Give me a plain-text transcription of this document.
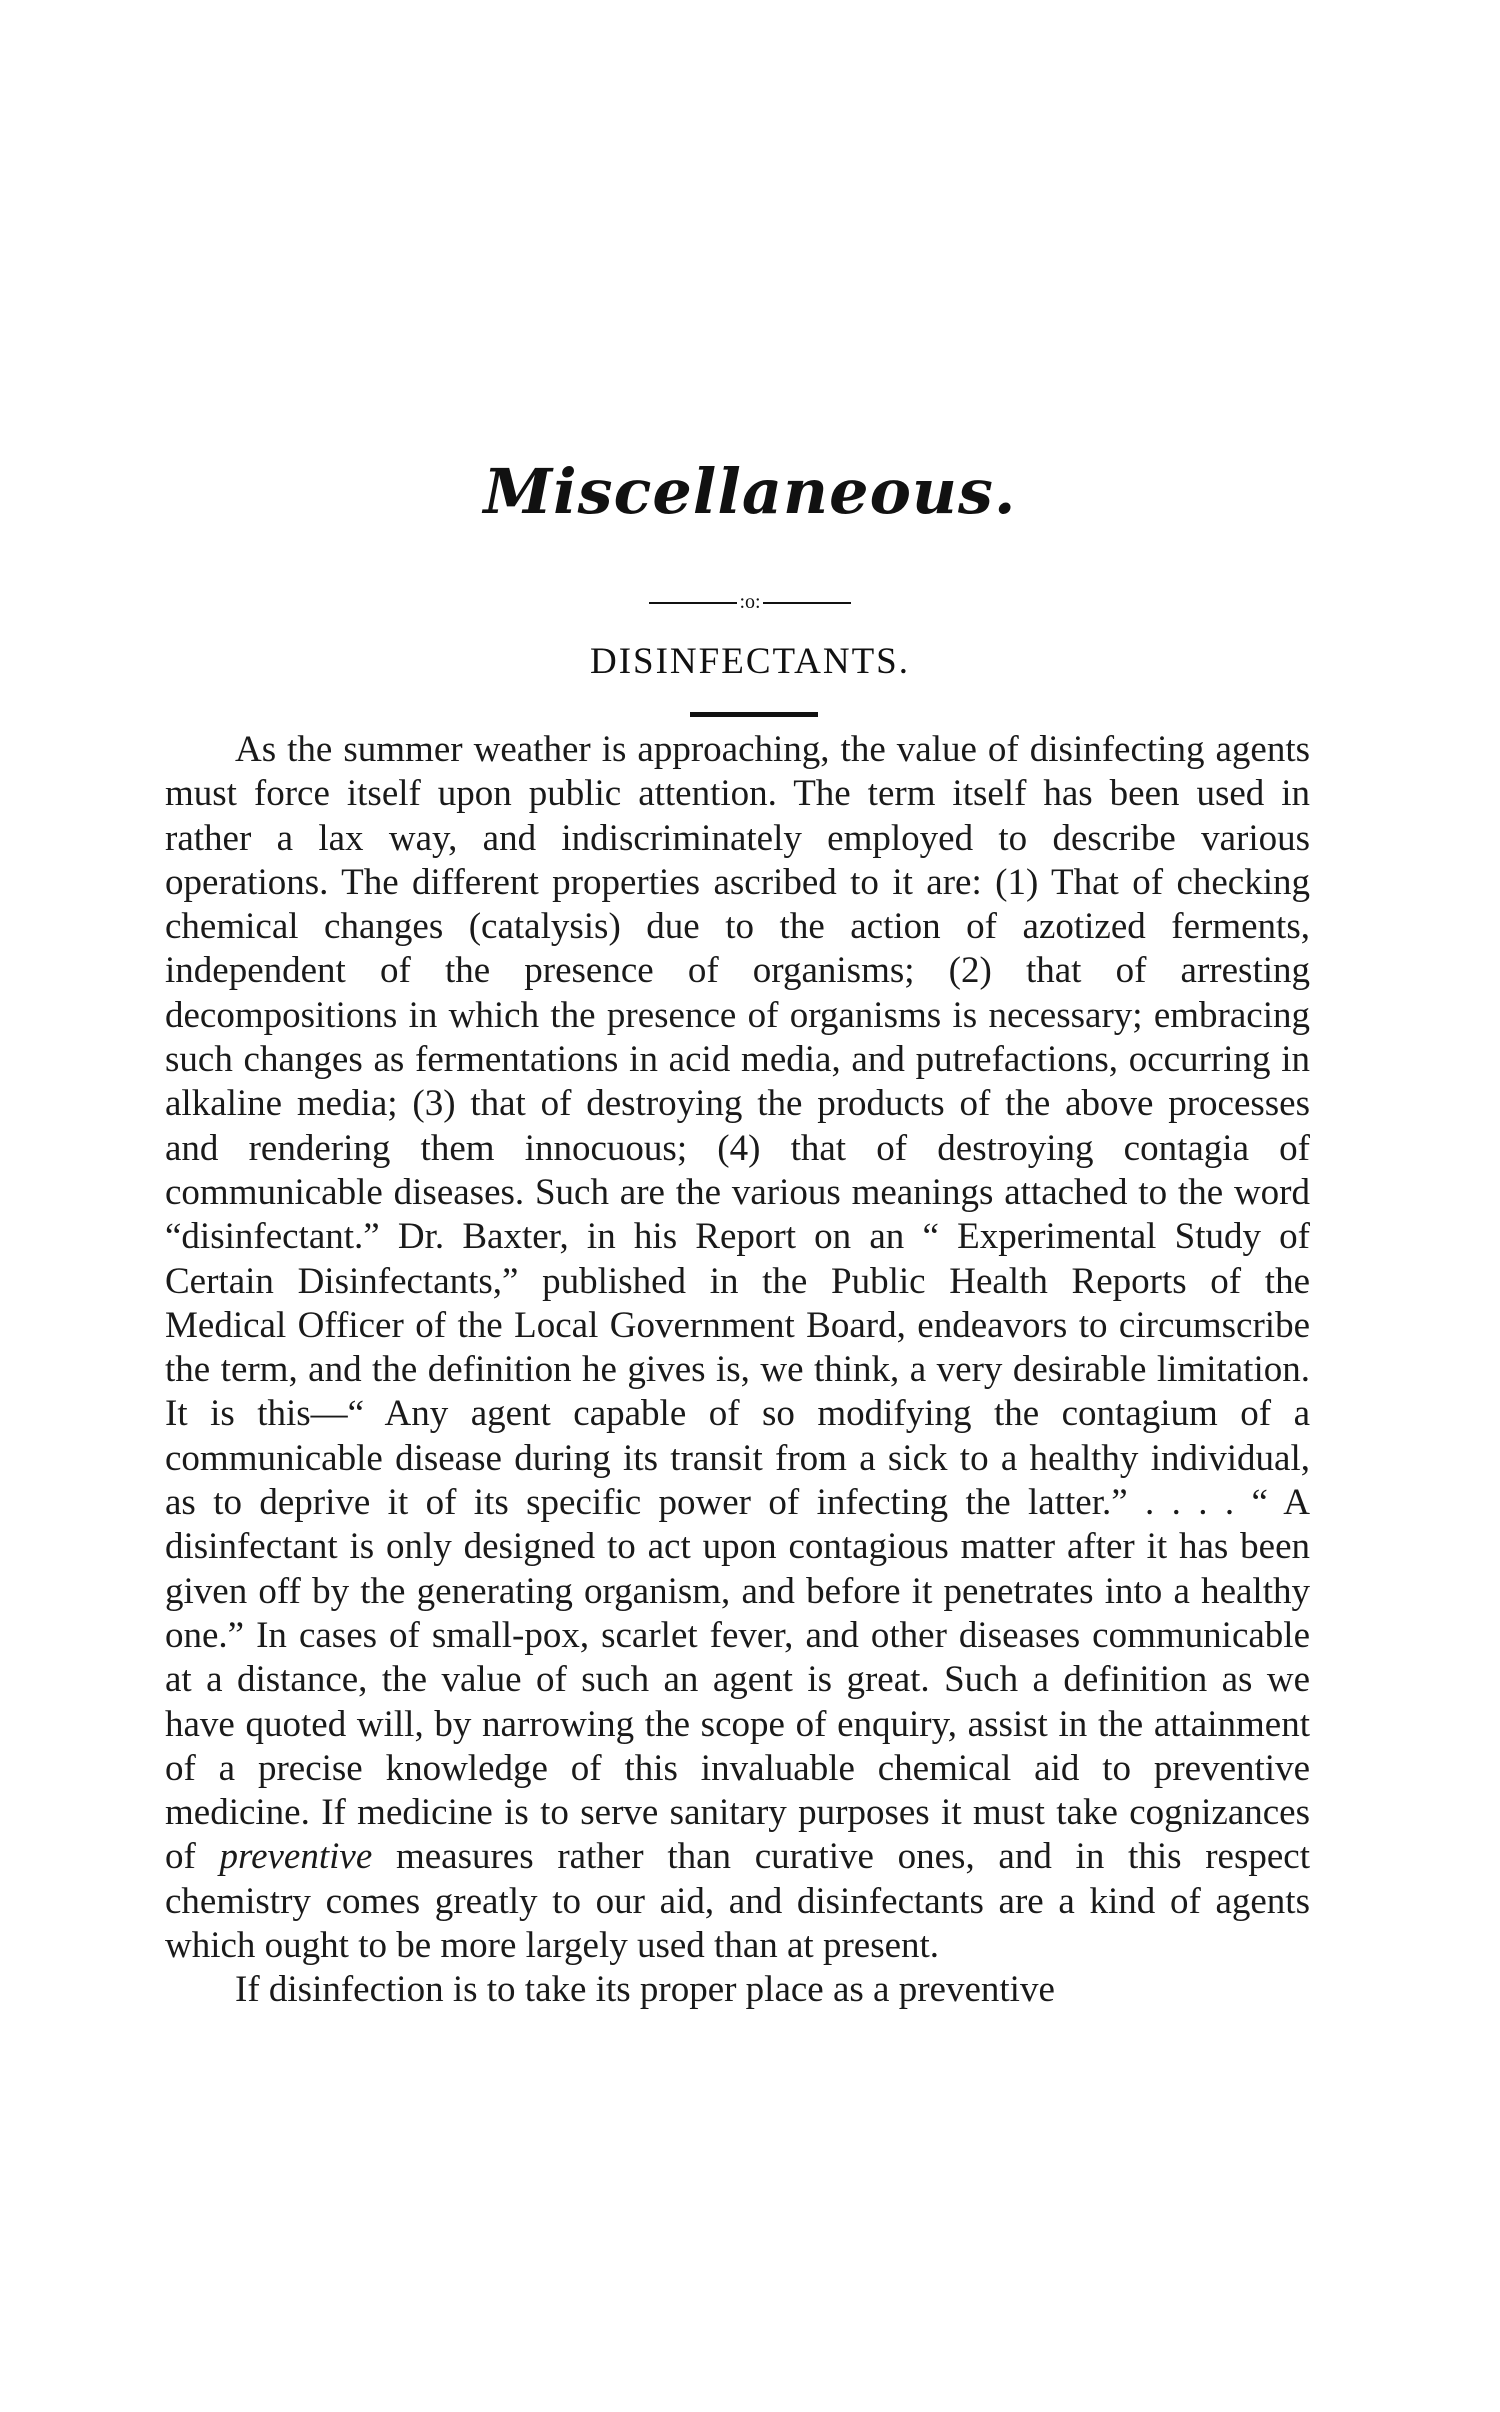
Miscellaneous.
:o:
DISINFECTANTS.

As the summer weather is approaching, the value of disinfecting agents must force itself upon public attention. The term itself has been used in rather a lax way, and indiscriminately employed to describe various operations. The different properties ascribed to it are: (1) That of checking chemical changes (catalysis) due to the action of azotized ferments, independent of the presence of organisms; (2) that of arresting decompositions in which the presence of organisms is necessary; embracing such changes as fermentations in acid media, and putrefactions, occurring in alkaline media; (3) that of destroying the products of the above processes and rendering them innocuous; (4) that of destroying contagia of communicable diseases. Such are the various meanings attached to the word “disinfectant.” Dr. Baxter, in his Report on an “ Experimental Study of Certain Disinfectants,” published in the Public Health Reports of the Medical Officer of the Local Government Board, endeavors to circumscribe the term, and the definition he gives is, we think, a very desirable limitation. It is this—“ Any agent capable of so modifying the contagium of a communicable disease during its transit from a sick to a healthy individual, as to deprive it of its specific power of infecting the latter.” . . . . “ A disinfectant is only designed to act upon contagious matter after it has been given off by the generating organism, and before it penetrates into a healthy one.” In cases of small-pox, scarlet fever, and other diseases communicable at a distance, the value of such an agent is great. Such a definition as we have quoted will, by narrowing the scope of enquiry, assist in the attainment of a precise knowledge of this invaluable chemical aid to preventive medicine. If medicine is to serve sanitary purposes it must take cognizances of preventive measures rather than curative ones, and in this respect chemistry comes greatly to our aid, and disinfectants are a kind of agents which ought to be more largely used than at present.

If disinfection is to take its proper place as a preventive
